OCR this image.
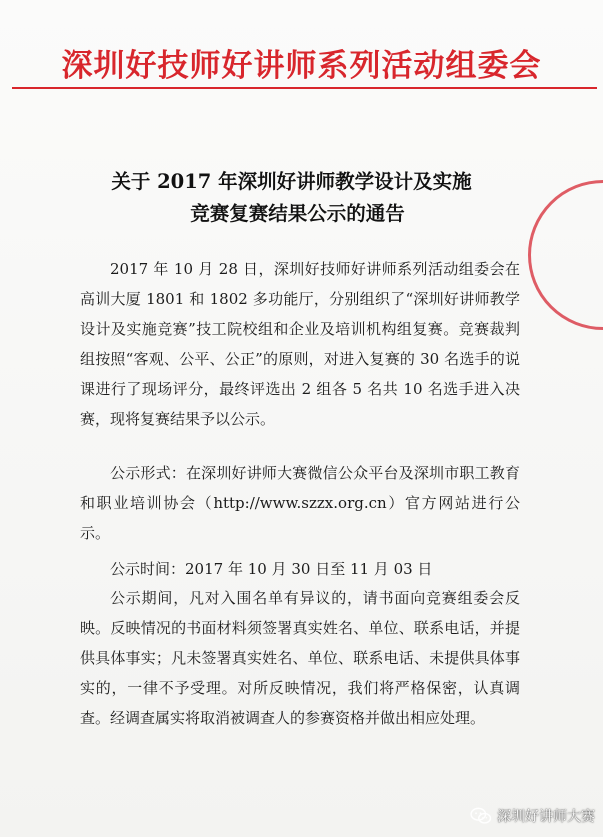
深圳好技师好讲师系列活动组委会
关于 2017 年深圳好讲师教学设计及实施
竞赛复赛结果公示的通告
2017 年 10 月 28 日，深圳好技师好讲师系列活动组委会在高训大厦 1801 和 1802 多功能厅，分别组织了“深圳好讲师教学设计及实施竞赛”技工院校组和企业及培训机构组复赛。竞赛裁判组按照“客观、公平、公正”的原则，对进入复赛的 30 名选手的说课进行了现场评分，最终评选出 2 组各 5 名共 10 名选手进入决赛，现将复赛结果予以公示。
公示形式：在深圳好讲师大赛微信公众平台及深圳市职工教育和职业培训协会（http://www.szzx.org.cn）官方网站进行公示。
公示时间：2017 年 10 月 30 日至 11 月 03 日
公示期间，凡对入围名单有异议的，请书面向竞赛组委会反映。反映情况的书面材料须签署真实姓名、单位、联系电话，并提供具体事实；凡未签署真实姓名、单位、联系电话、未提供具体事实的，一律不予受理。对所反映情况，我们将严格保密，认真调查。经调查属实将取消被调查人的参赛资格并做出相应处理。
深圳好讲师大赛
